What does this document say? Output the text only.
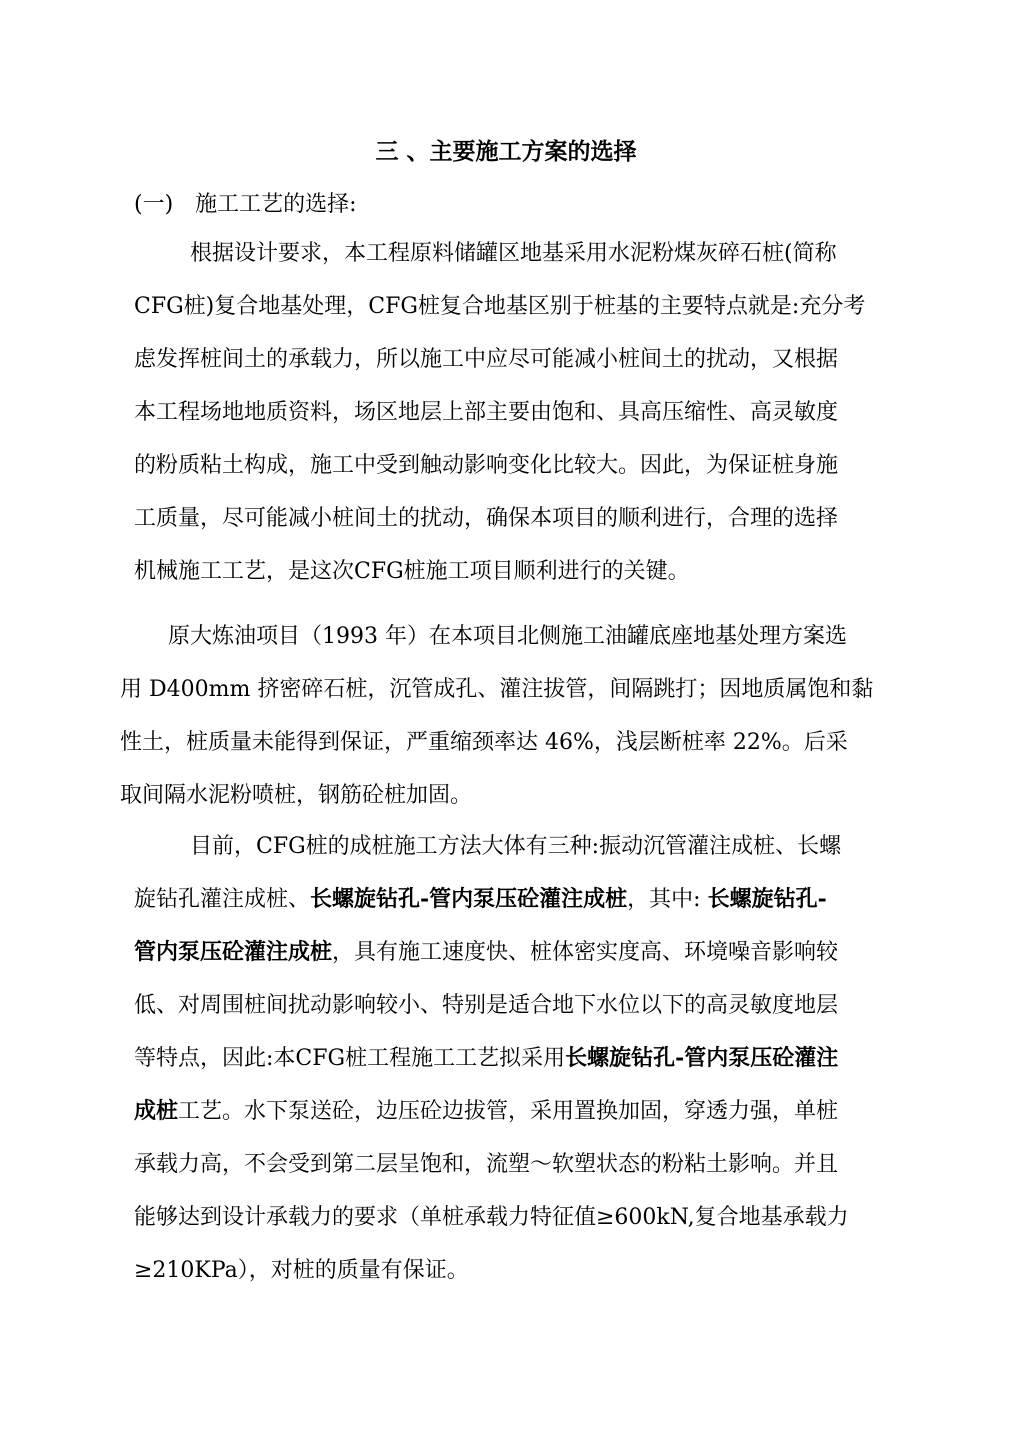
三 、主要施工方案的选择
(一) 施工工艺的选择:
根据设计要求，本工程原料储罐区地基采用水泥粉煤灰碎石桩(简称
CFG桩)复合地基处理，CFG桩复合地基区别于桩基的主要特点就是:充分考
虑发挥桩间土的承载力，所以施工中应尽可能减小桩间土的扰动，又根据
本工程场地地质资料，场区地层上部主要由饱和、具高压缩性、高灵敏度
的粉质粘土构成，施工中受到触动影响变化比较大。因此，为保证桩身施
工质量，尽可能减小桩间土的扰动，确保本项目的顺利进行，合理的选择
机械施工工艺，是这次CFG桩施工项目顺利进行的关键。
原大炼油项目（1993 年）在本项目北侧施工油罐底座地基处理方案选
用 D400mm 挤密碎石桩，沉管成孔、灌注拔管，间隔跳打；因地质属饱和黏
性土，桩质量未能得到保证，严重缩颈率达 46%，浅层断桩率 22%。后采
取间隔水泥粉喷桩，钢筋砼桩加固。
目前，CFG桩的成桩施工方法大体有三种:振动沉管灌注成桩、长螺
旋钻孔灌注成桩、长螺旋钻孔-管内泵压砼灌注成桩，其中: 长螺旋钻孔-
管内泵压砼灌注成桩，具有施工速度快、桩体密实度高、环境噪音影响较
低、对周围桩间扰动影响较小、特别是适合地下水位以下的高灵敏度地层
等特点，因此:本CFG桩工程施工工艺拟采用长螺旋钻孔-管内泵压砼灌注
成桩工艺。水下泵送砼，边压砼边拔管，采用置换加固，穿透力强，单桩
承载力高，不会受到第二层呈饱和，流塑～软塑状态的粉粘土影响。并且
能够达到设计承载力的要求（单桩承载力特征值≥600kN,复合地基承载力
≥210KPa），对桩的质量有保证。
